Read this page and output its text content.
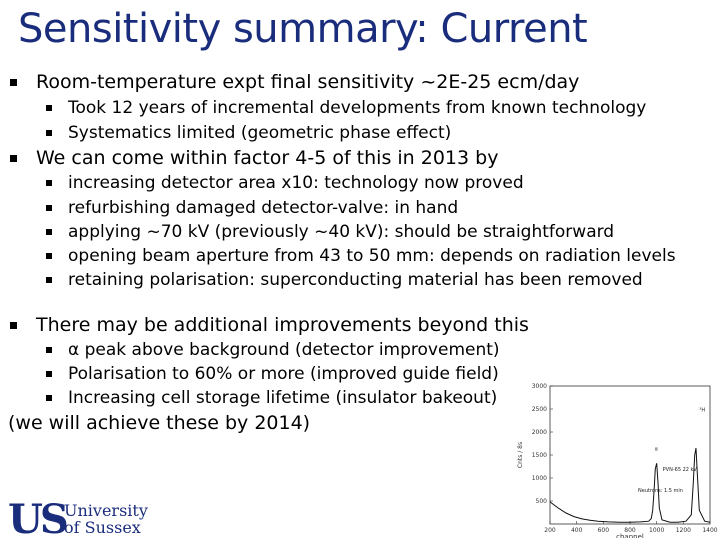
Sensitivity summary: Current
Room-temperature expt final sensitivity ~2E-25 ecm/day
Took 12 years of incremental developments from known technology
Systematics limited (geometric phase effect)
We can come within factor 4-5 of this in 2013 by
increasing detector area x10: technology now proved
refurbishing damaged detector-valve: in hand
applying ~70 kV (previously ~40 kV): should be straightforward
opening beam aperture from 43 to 50 mm: depends on radiation levels
retaining polarisation: superconducting material has been removed
There may be additional improvements beyond this
α peak above background (detector improvement)
Polarisation to 60% or more (improved guide field)
Increasing cell storage lifetime (insulator bakeout)
(we will achieve these by 2014)
US
University
of Sussex	200	400	600	800 1000 1200 1400
500
1000
1500
2000
2500
3000
channel
Cnts / 8s	α
PVN-65 22 kV
Neutrons: 1.5 min
³H
